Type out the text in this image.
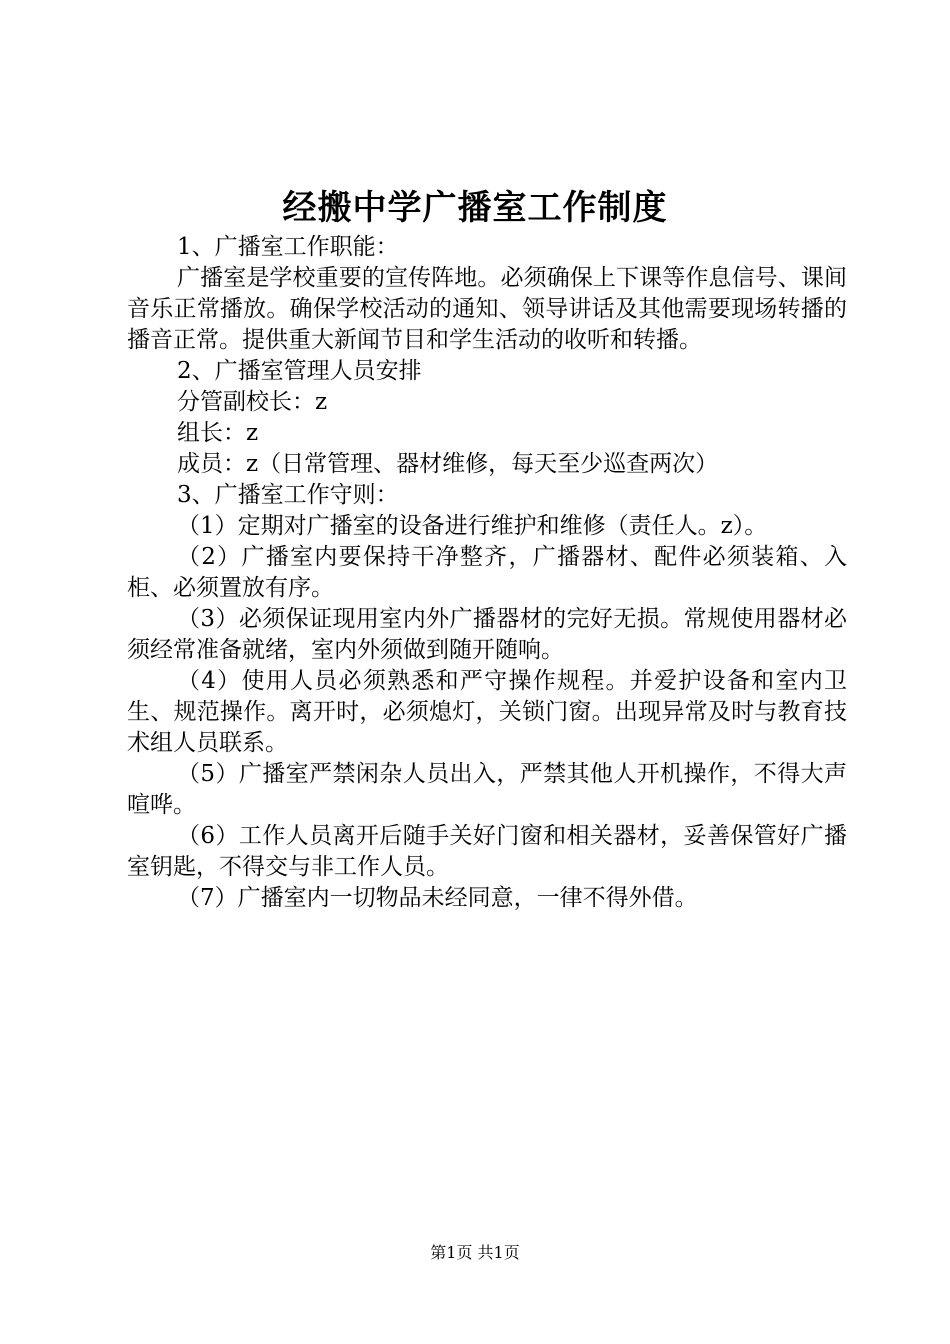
经搬中学广播室工作制度

1、广播室工作职能：

广播室是学校重要的宣传阵地。必须确保上下课等作息信号、课间音乐正常播放。确保学校活动的通知、领导讲话及其他需要现场转播的播音正常。提供重大新闻节目和学生活动的收听和转播。

2、广播室管理人员安排

分管副校长：z

组长：z

成员：z（日常管理、器材维修，每天至少巡查两次）

3、广播室工作守则：

（1）定期对广播室的设备进行维护和维修（责任人。z）。

（2）广播室内要保持干净整齐，广播器材、配件必须装箱、入柜、必须置放有序。

（3）必须保证现用室内外广播器材的完好无损。常规使用器材必须经常准备就绪，室内外须做到随开随响。

（4）使用人员必须熟悉和严守操作规程。并爱护设备和室内卫生、规范操作。离开时，必须熄灯，关锁门窗。出现异常及时与教育技术组人员联系。

（5）广播室严禁闲杂人员出入，严禁其他人开机操作，不得大声喧哗。

（6）工作人员离开后随手关好门窗和相关器材，妥善保管好广播室钥匙，不得交与非工作人员。

（7）广播室内一切物品未经同意，一律不得外借。

第1页 共1页
